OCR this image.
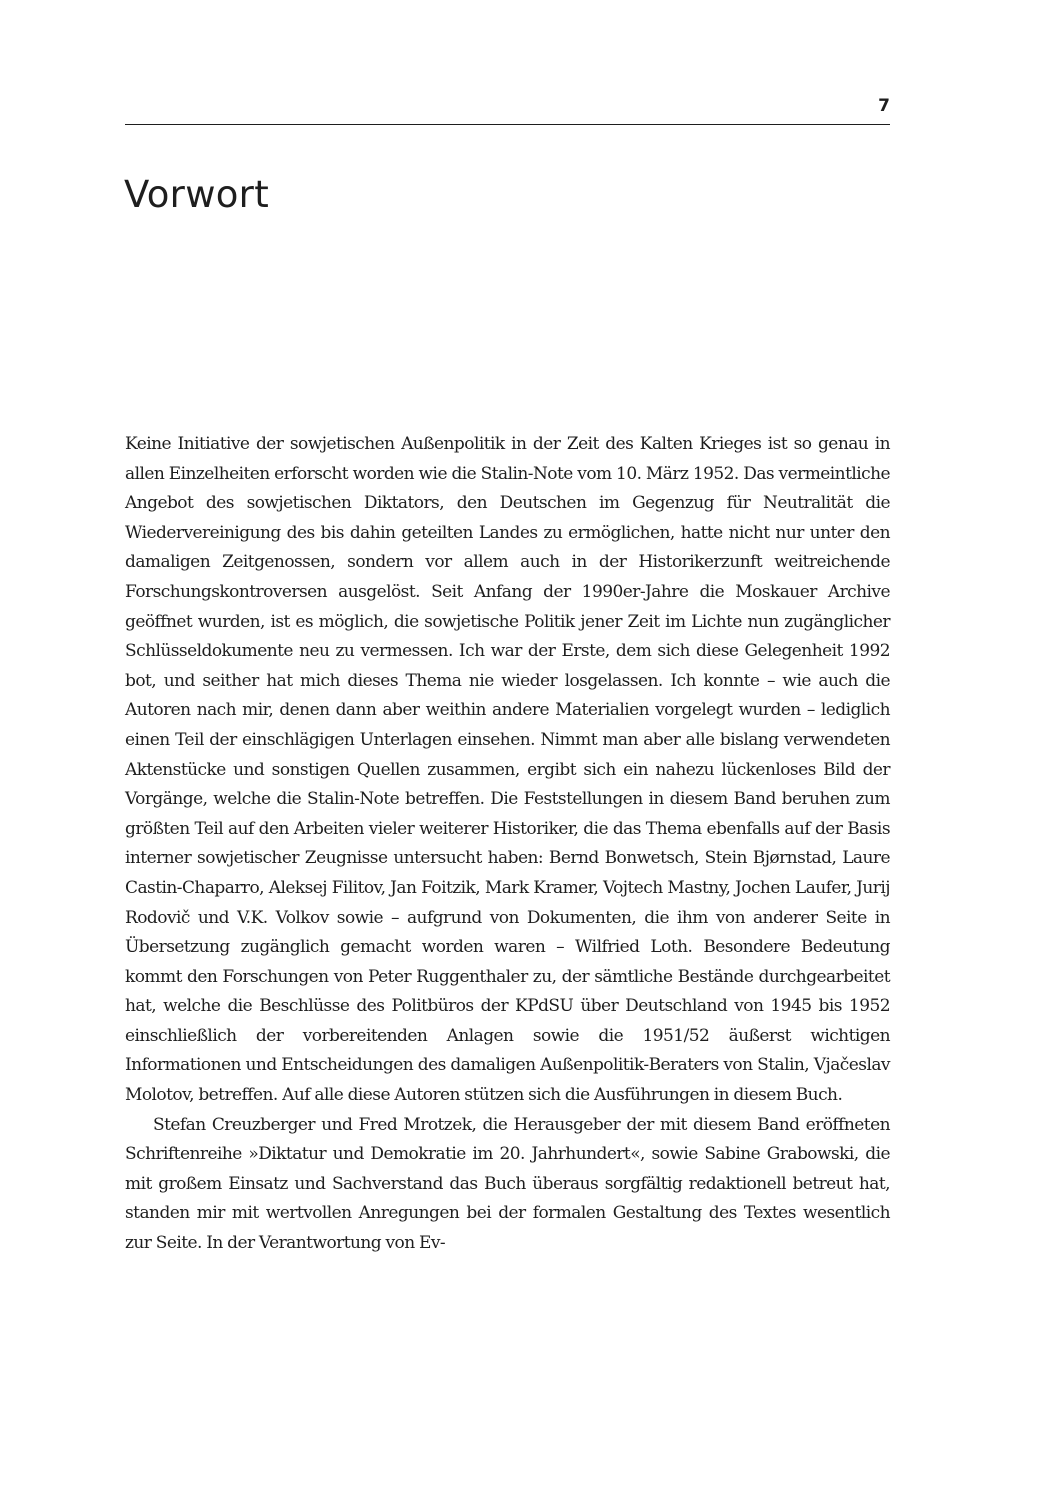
7
Vorwort

Keine Initiative der sowjetischen Außenpolitik in der Zeit des Kalten Krieges ist so genau in allen Einzelheiten erforscht worden wie die Stalin-Note vom 10. März 1952. Das vermeintliche Angebot des sowjetischen Diktators, den Deutschen im Gegenzug für Neutralität die Wiedervereinigung des bis dahin geteilten Landes zu ermöglichen, hatte nicht nur unter den damaligen Zeitgenossen, sondern vor allem auch in der Historikerzunft weitreichende Forschungskontroversen ausgelöst. Seit Anfang der 1990er-Jahre die Moskauer Archive geöffnet wurden, ist es möglich, die sowjetische Politik jener Zeit im Lichte nun zugänglicher Schlüsseldokumente neu zu vermessen. Ich war der Erste, dem sich diese Gelegenheit 1992 bot, und seither hat mich dieses Thema nie wieder losgelassen. Ich konnte – wie auch die Autoren nach mir, denen dann aber weithin andere Materialien vorgelegt wurden – lediglich einen Teil der einschlägigen Unterlagen einsehen. Nimmt man aber alle bislang verwendeten Aktenstücke und sonstigen Quellen zusammen, ergibt sich ein nahezu lückenloses Bild der Vorgänge, welche die Stalin-Note betreffen. Die Feststellungen in diesem Band beruhen zum größten Teil auf den Arbeiten vieler weiterer Historiker, die das Thema ebenfalls auf der Basis interner sowjetischer Zeugnisse untersucht haben: Bernd Bonwetsch, Stein Bjørnstad, Laure Castin-Chaparro, Aleksej Filitov, Jan Foitzik, Mark Kramer, Vojtech Mastny, Jochen Laufer, Jurij Rodovič und V.K. Volkov sowie – aufgrund von Dokumenten, die ihm von anderer Seite in Übersetzung zugänglich gemacht worden waren – Wilfried Loth. Besondere Bedeutung kommt den Forschungen von Peter Ruggenthaler zu, der sämtliche Bestände durchgearbeitet hat, welche die Beschlüsse des Politbüros der KPdSU über Deutschland von 1945 bis 1952 einschließlich der vorbereitenden Anlagen sowie die 1951/52 äußerst wichtigen Informationen und Entscheidungen des damaligen Außenpolitik-Beraters von Stalin, Vjačeslav Molotov, betreffen. Auf alle diese Autoren stützen sich die Ausführungen in diesem Buch.

Stefan Creuzberger und Fred Mrotzek, die Herausgeber der mit diesem Band eröffneten Schriftenreihe »Diktatur und Demokratie im 20. Jahrhundert«, sowie Sabine Grabowski, die mit großem Einsatz und Sachverstand das Buch überaus sorgfältig redaktionell betreut hat, standen mir mit wertvollen Anregungen bei der formalen Gestaltung des Textes wesentlich zur Seite. In der Verantwortung von Ev-
